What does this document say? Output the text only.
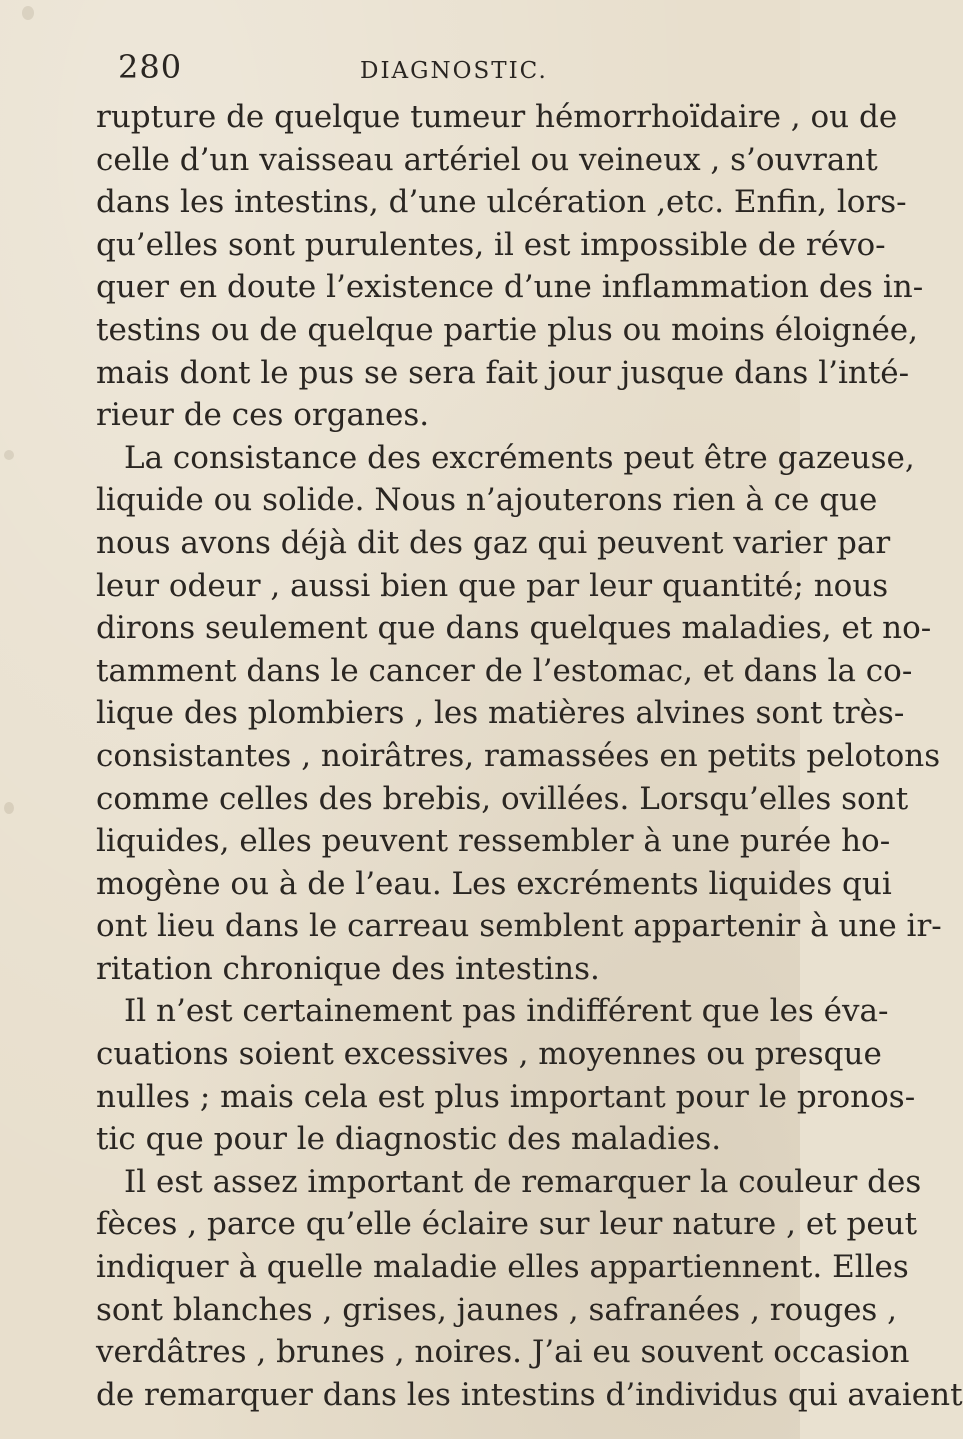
280	DIAGNOSTIC.
rupture de quelque tumeur hémorrhoïdaire , ou de
celle d’un vaisseau artériel ou veineux , s’ouvrant
dans les intestins, d’une ulcération ,etc. Enfin, lors-
qu’elles sont purulentes, il est impossible de révo-
quer en doute l’existence d’une inflammation des in-
testins ou de quelque partie plus ou moins éloignée,
mais dont le pus se sera fait jour jusque dans l’inté-
rieur de ces organes.
La consistance des excréments peut être gazeuse,
liquide ou solide. Nous n’ajouterons rien à ce que
nous avons déjà dit des gaz qui peuvent varier par
leur odeur , aussi bien que par leur quantité; nous
dirons seulement que dans quelques maladies, et no-
tamment dans le cancer de l’estomac, et dans la co-
lique des plombiers , les matières alvines sont très-
consistantes , noirâtres, ramassées en petits pelotons
comme celles des brebis, ovillées. Lorsqu’elles sont
liquides, elles peuvent ressembler à une purée ho-
mogène ou à de l’eau. Les excréments liquides qui
ont lieu dans le carreau semblent appartenir à une ir-
ritation chronique des intestins.
Il n’est certainement pas indifférent que les éva-
cuations soient excessives , moyennes ou presque
nulles ; mais cela est plus important pour le pronos-
tic que pour le diagnostic des maladies.
Il est assez important de remarquer la couleur des
fèces , parce qu’elle éclaire sur leur nature , et peut
indiquer à quelle maladie elles appartiennent. Elles
sont blanches , grises, jaunes , safranées , rouges ,
verdâtres , brunes , noires. J’ai eu souvent occasion
de remarquer dans les intestins d’individus qui avaient
